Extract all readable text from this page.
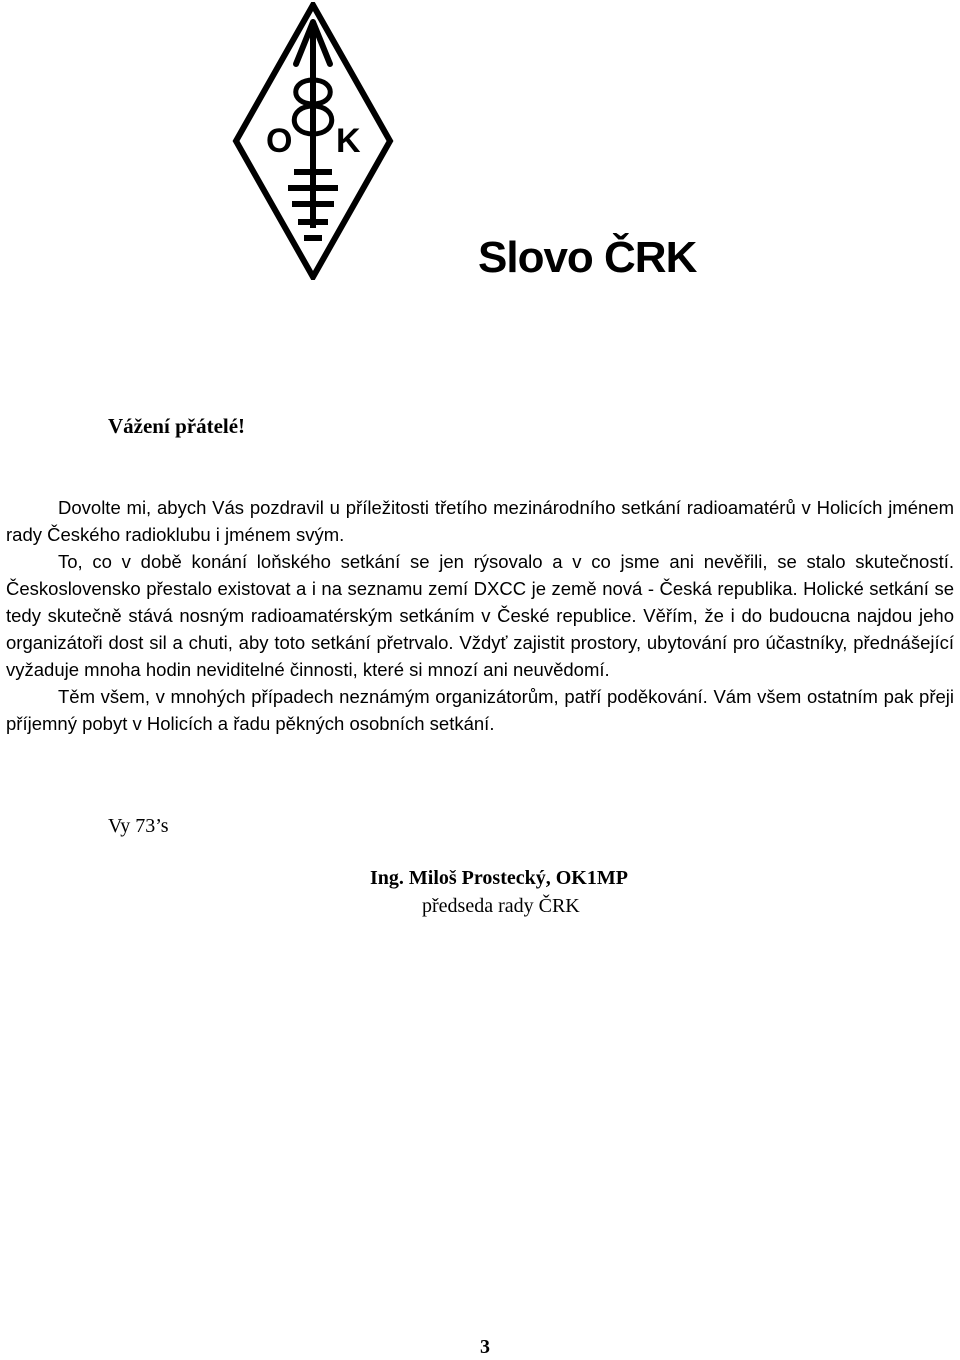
O K
Slovo ČRK

Vážení přátelé!

Dovolte mi, abych Vás pozdravil u příležitosti třetího mezinárodního setkání radioamatérů v Holicích jménem rady Českého radioklubu i jménem svým.

To, co v době konání loňského setkání se jen rýsovalo a v co jsme ani nevěřili, se stalo skutečností. Československo přestalo existovat a i na seznamu zemí DXCC je země nová - Česká republika. Holické setkání se tedy skutečně stává nosným radioamatérským setkáním v České republice. Věřím, že i do budoucna najdou jeho organizátoři dost sil a chuti, aby toto setkání přetrvalo. Vždyť zajistit prostory, ubytování pro účastníky, přednášející vyžaduje mnoha hodin neviditelné činnosti, které si mnozí ani neuvědomí.

Těm všem, v mnohých případech neznámým organizátorům, patří poděkování. Vám všem ostatním pak přeji příjemný pobyt v Holicích a řadu pěkných osobních setkání.

Vy 73’s

Ing. Miloš Prostecký, OK1MP
předseda rady ČRK
3
